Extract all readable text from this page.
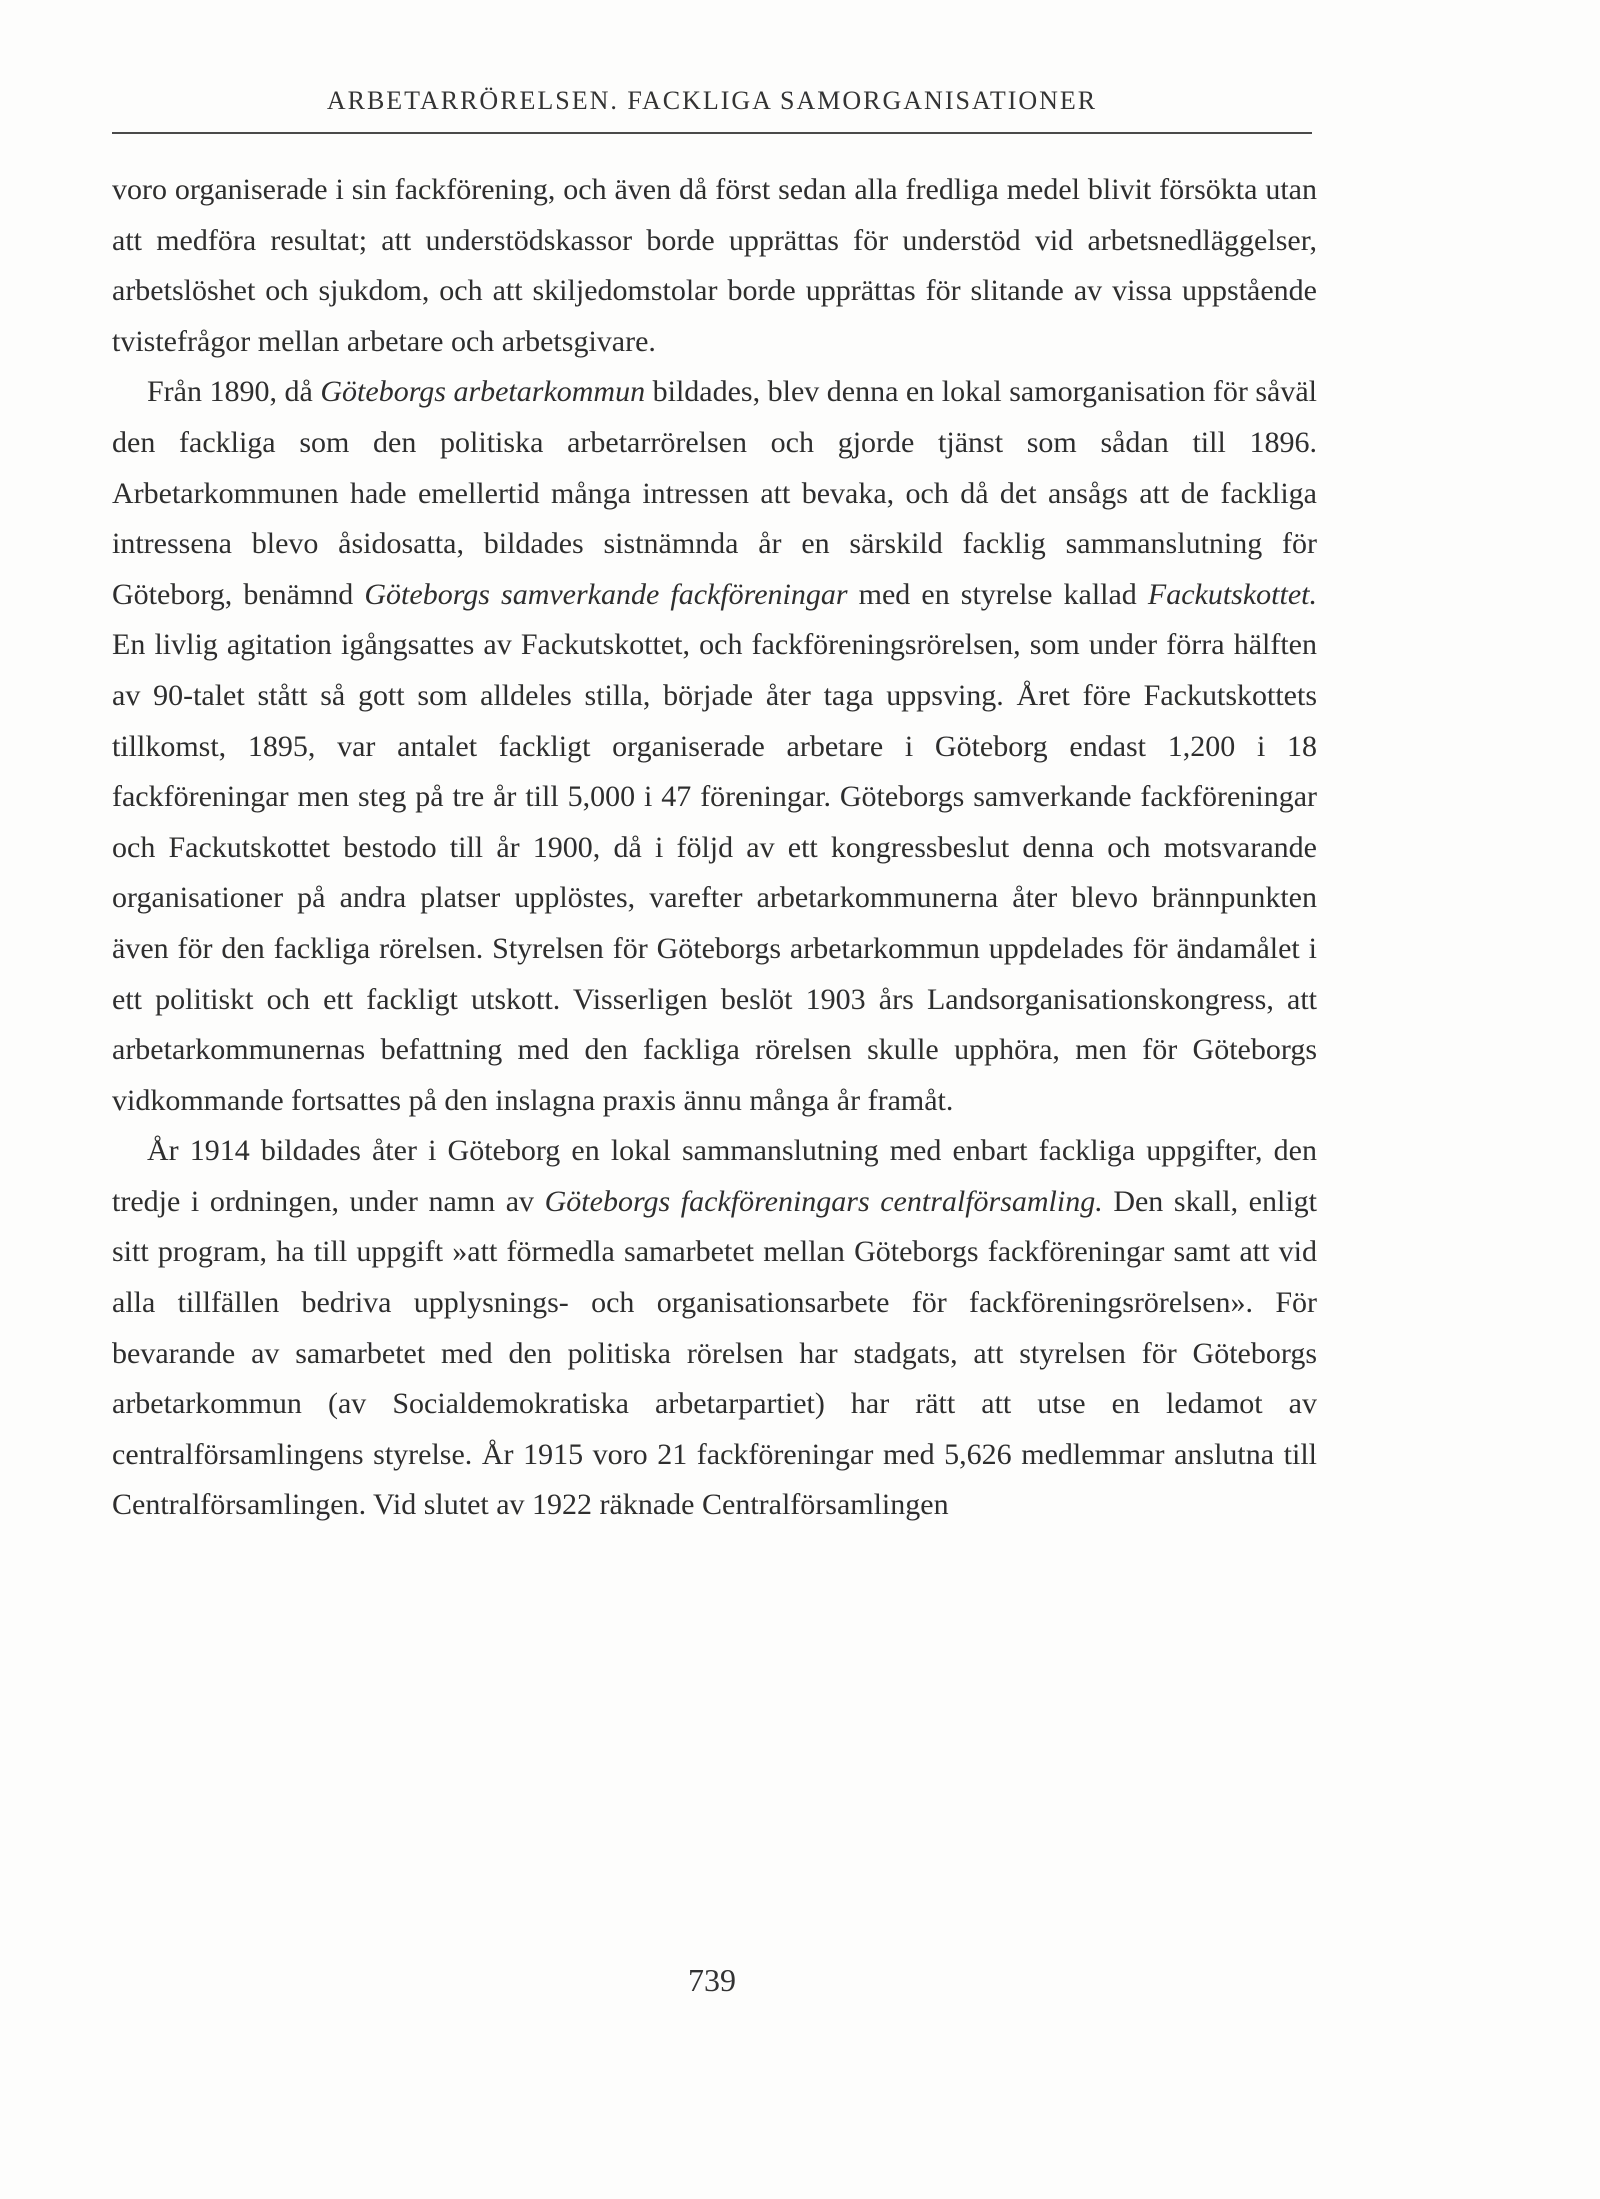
ARBETARRÖRELSEN. FACKLIGA SAMORGANISATIONER

voro organiserade i sin fackförening, och även då först sedan alla fredliga medel blivit försökta utan att medföra resultat; att understödskassor borde upprättas för understöd vid arbetsnedläggelser, arbetslöshet och sjukdom, och att skiljedomstolar borde upprättas för slitande av vissa uppstående tvistefrågor mellan arbetare och arbetsgivare.

Från 1890, då Göteborgs arbetarkommun bildades, blev denna en lokal samorganisation för såväl den fackliga som den politiska arbetarrörelsen och gjorde tjänst som sådan till 1896. Arbetarkommunen hade emellertid många intressen att bevaka, och då det ansågs att de fackliga intressena blevo åsidosatta, bildades sistnämnda år en särskild facklig sammanslutning för Göteborg, benämnd Göteborgs samverkande fackföreningar med en styrelse kallad Fackutskottet. En livlig agitation igångsattes av Fackutskottet, och fackföreningsrörelsen, som under förra hälften av 90-talet stått så gott som alldeles stilla, började åter taga uppsving. Året före Fackutskottets tillkomst, 1895, var antalet fackligt organiserade arbetare i Göteborg endast 1,200 i 18 fackföreningar men steg på tre år till 5,000 i 47 föreningar. Göteborgs samverkande fackföreningar och Fackutskottet bestodo till år 1900, då i följd av ett kongressbeslut denna och motsvarande organisationer på andra platser upplöstes, varefter arbetarkommunerna åter blevo brännpunkten även för den fackliga rörelsen. Styrelsen för Göteborgs arbetarkommun uppdelades för ändamålet i ett politiskt och ett fackligt utskott. Visserligen beslöt 1903 års Landsorganisationskongress, att arbetarkommunernas befattning med den fackliga rörelsen skulle upphöra, men för Göteborgs vidkommande fortsattes på den inslagna praxis ännu många år framåt.

År 1914 bildades åter i Göteborg en lokal sammanslutning med enbart fackliga uppgifter, den tredje i ordningen, under namn av Göteborgs fackföreningars centralförsamling. Den skall, enligt sitt program, ha till uppgift »att förmedla samarbetet mellan Göteborgs fackföreningar samt att vid alla tillfällen bedriva upplysnings- och organisationsarbete för fackföreningsrörelsen». För bevarande av samarbetet med den politiska rörelsen har stadgats, att styrelsen för Göteborgs arbetarkommun (av Socialdemokratiska arbetarpartiet) har rätt att utse en ledamot av centralförsamlingens styrelse. År 1915 voro 21 fackföreningar med 5,626 medlemmar anslutna till Centralförsamlingen. Vid slutet av 1922 räknade Centralförsamlingen

739
